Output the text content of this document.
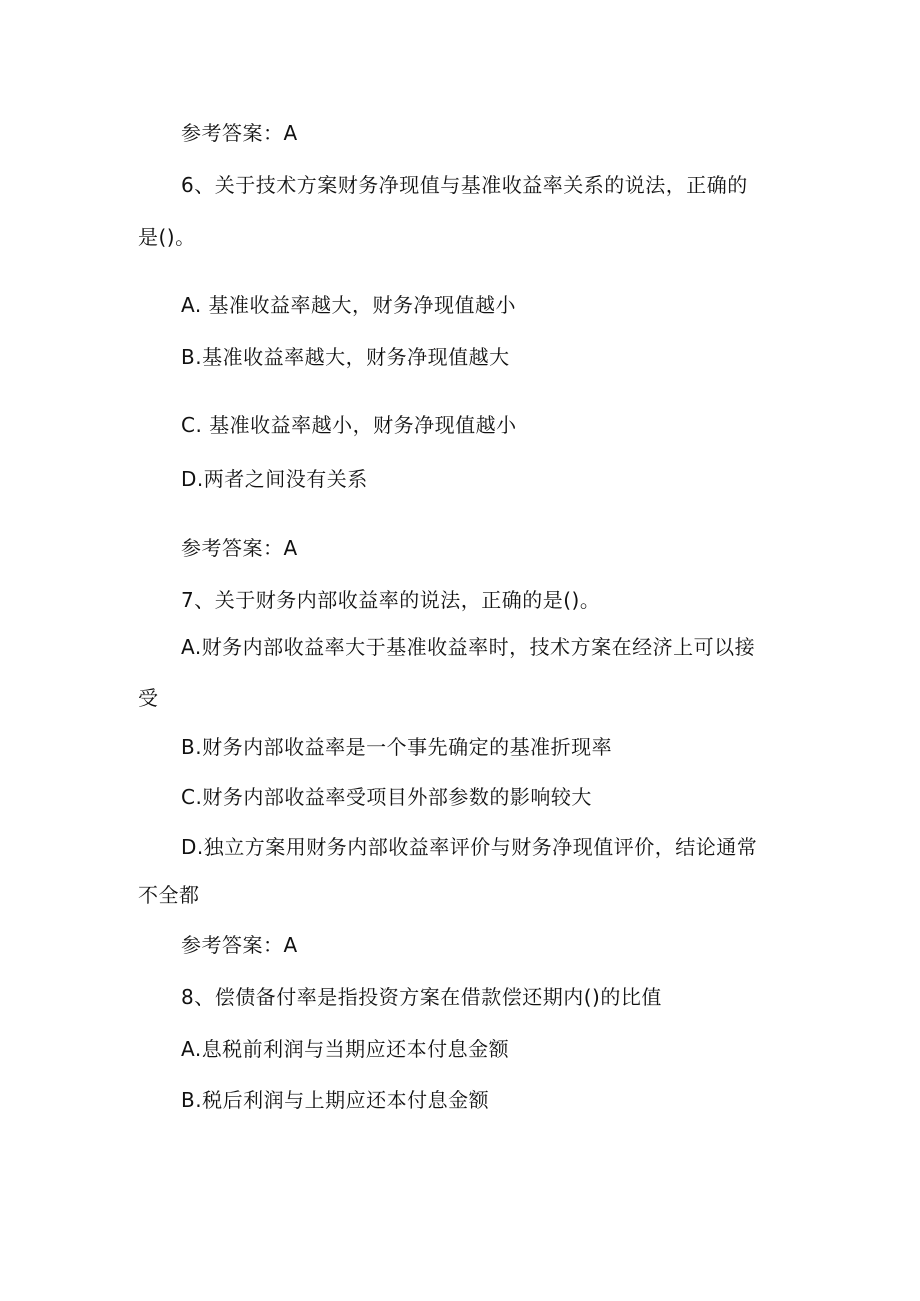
参考答案：A
6、关于技术方案财务净现值与基准收益率关系的说法，正确的
是()。
A. 基准收益率越大，财务净现值越小
B.基准收益率越大，财务净现值越大
C. 基准收益率越小，财务净现值越小
D.两者之间没有关系
参考答案：A
7、关于财务内部收益率的说法，正确的是()。
A.财务内部收益率大于基准收益率时，技术方案在经济上可以接
受
B.财务内部收益率是一个事先确定的基准折现率
C.财务内部收益率受项目外部参数的影响较大
D.独立方案用财务内部收益率评价与财务净现值评价，结论通常
不全都
参考答案：A
8、偿债备付率是指投资方案在借款偿还期内()的比值
A.息税前利润与当期应还本付息金额
B.税后利润与上期应还本付息金额
